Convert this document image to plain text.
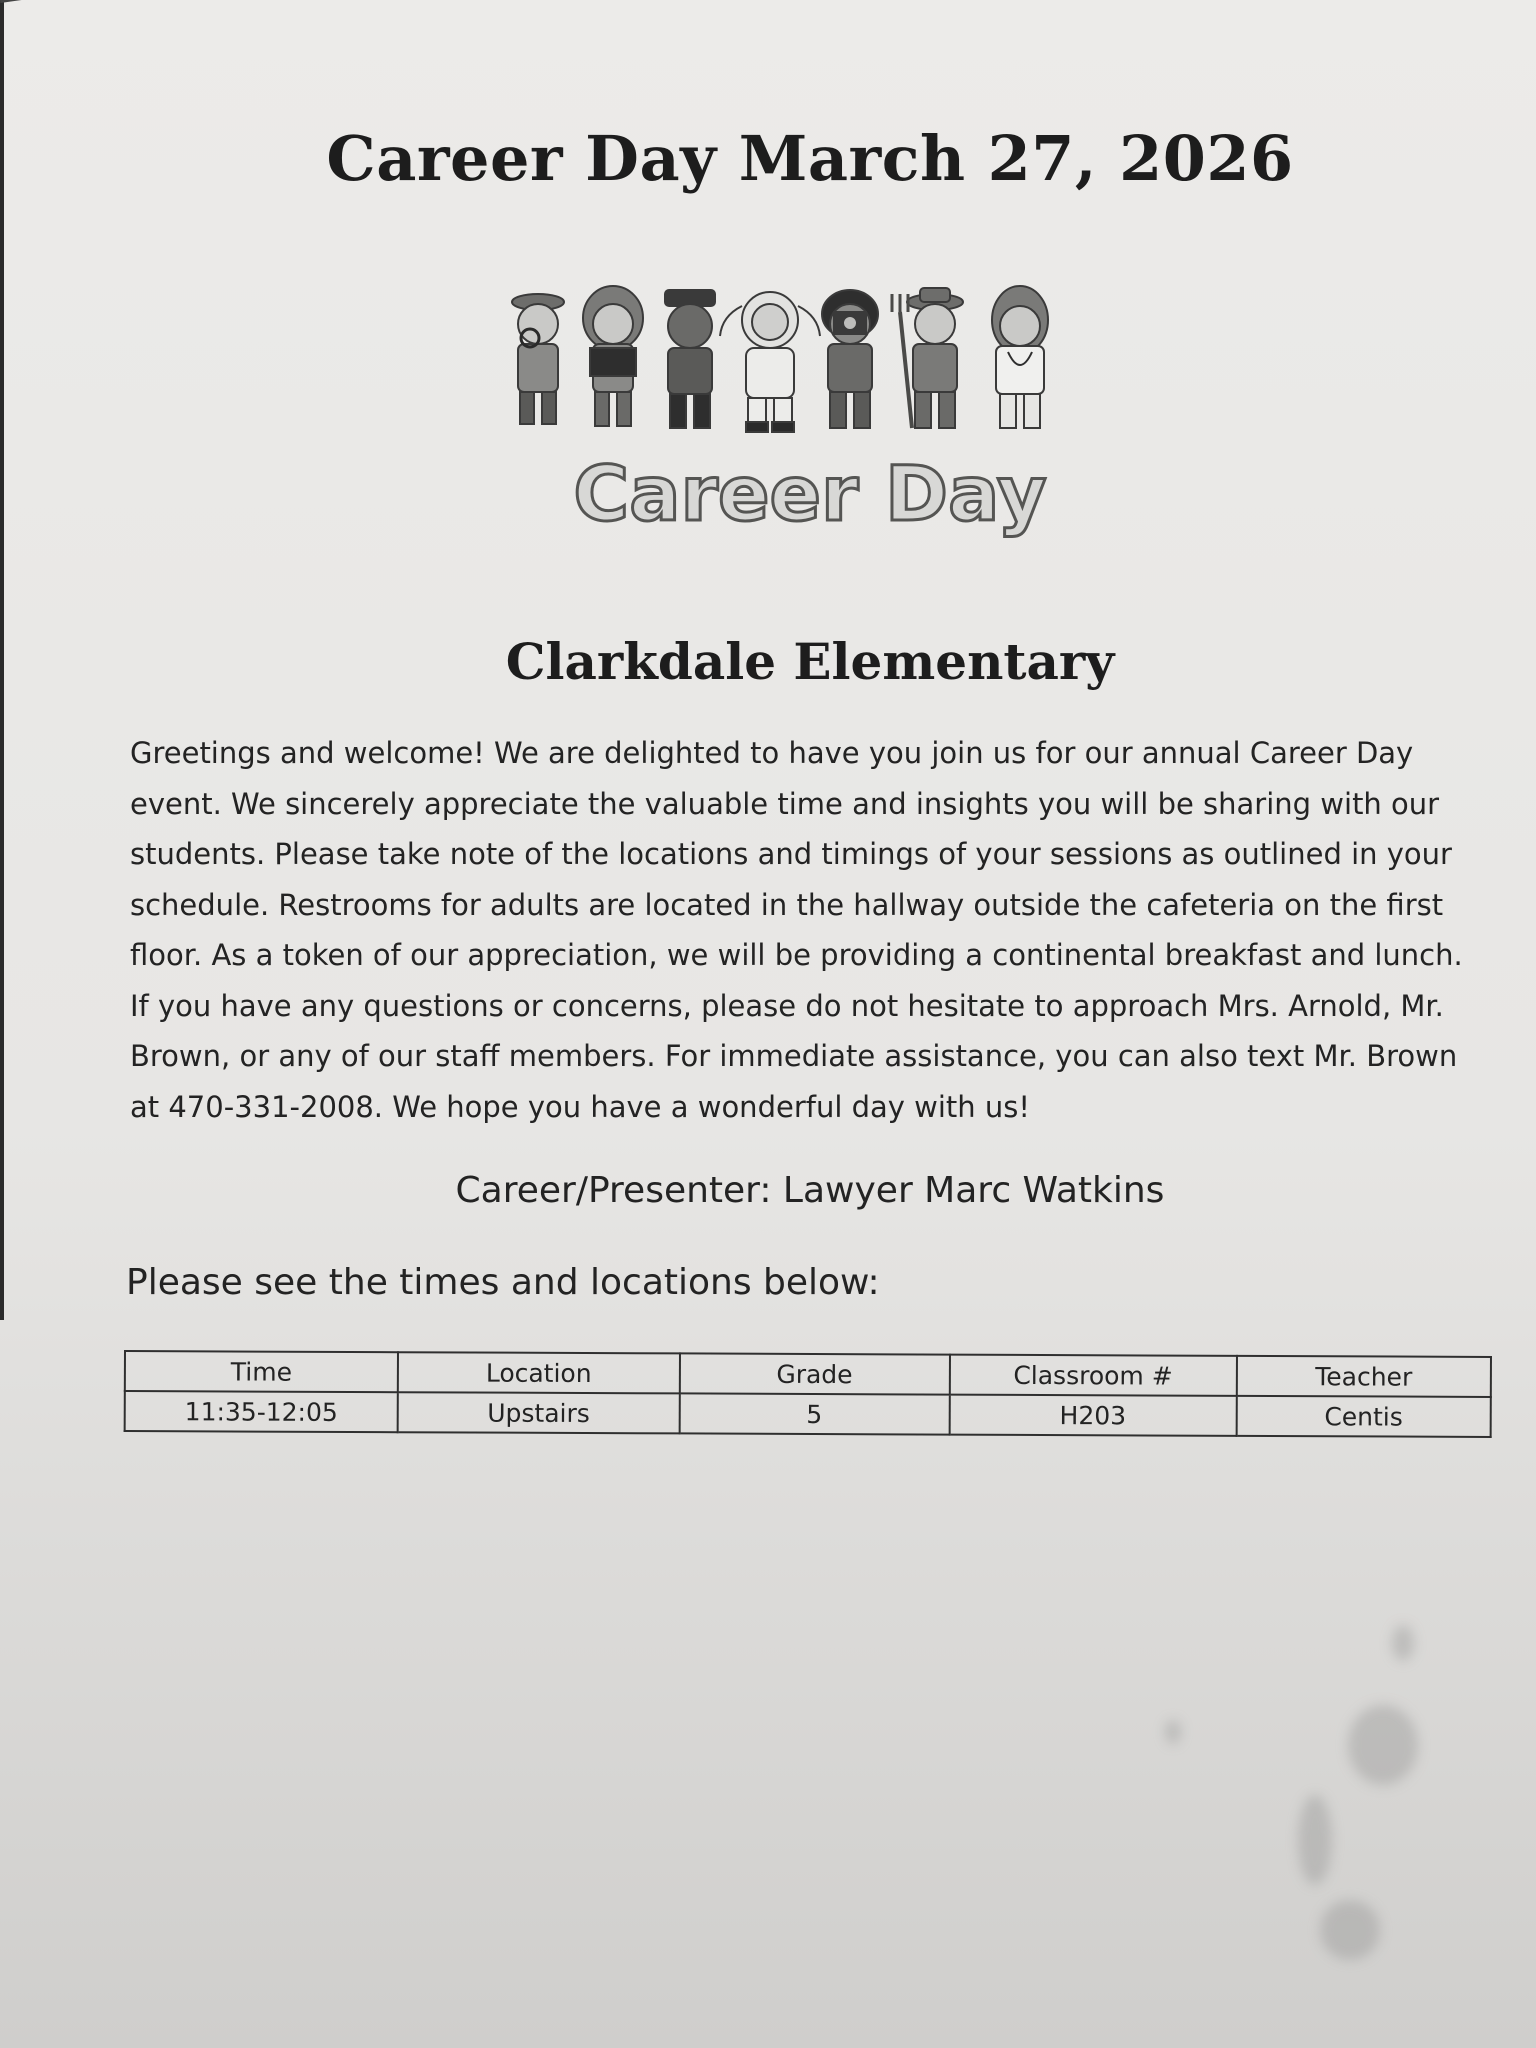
Career Day March 27, 2026
Career Day
Clarkdale Elementary

Greetings and welcome! We are delighted to have you join us for our annual Career Day event. We sincerely appreciate the valuable time and insights you will be sharing with our students. Please take note of the locations and timings of your sessions as outlined in your schedule. Restrooms for adults are located in the hallway outside the cafeteria on the first floor. As a token of our appreciation, we will be providing a continental breakfast and lunch. If you have any questions or concerns, please do not hesitate to approach Mrs. Arnold, Mr. Brown, or any of our staff members. For immediate assistance, you can also text Mr. Brown at 470-331-2008. We hope you have a wonderful day with us!

Career/Presenter: Lawyer Marc Watkins

Please see the times and locations below:

Time	Location	Grade	Classroom #	Teacher
11:35-12:05	Upstairs	5	H203	Centis
